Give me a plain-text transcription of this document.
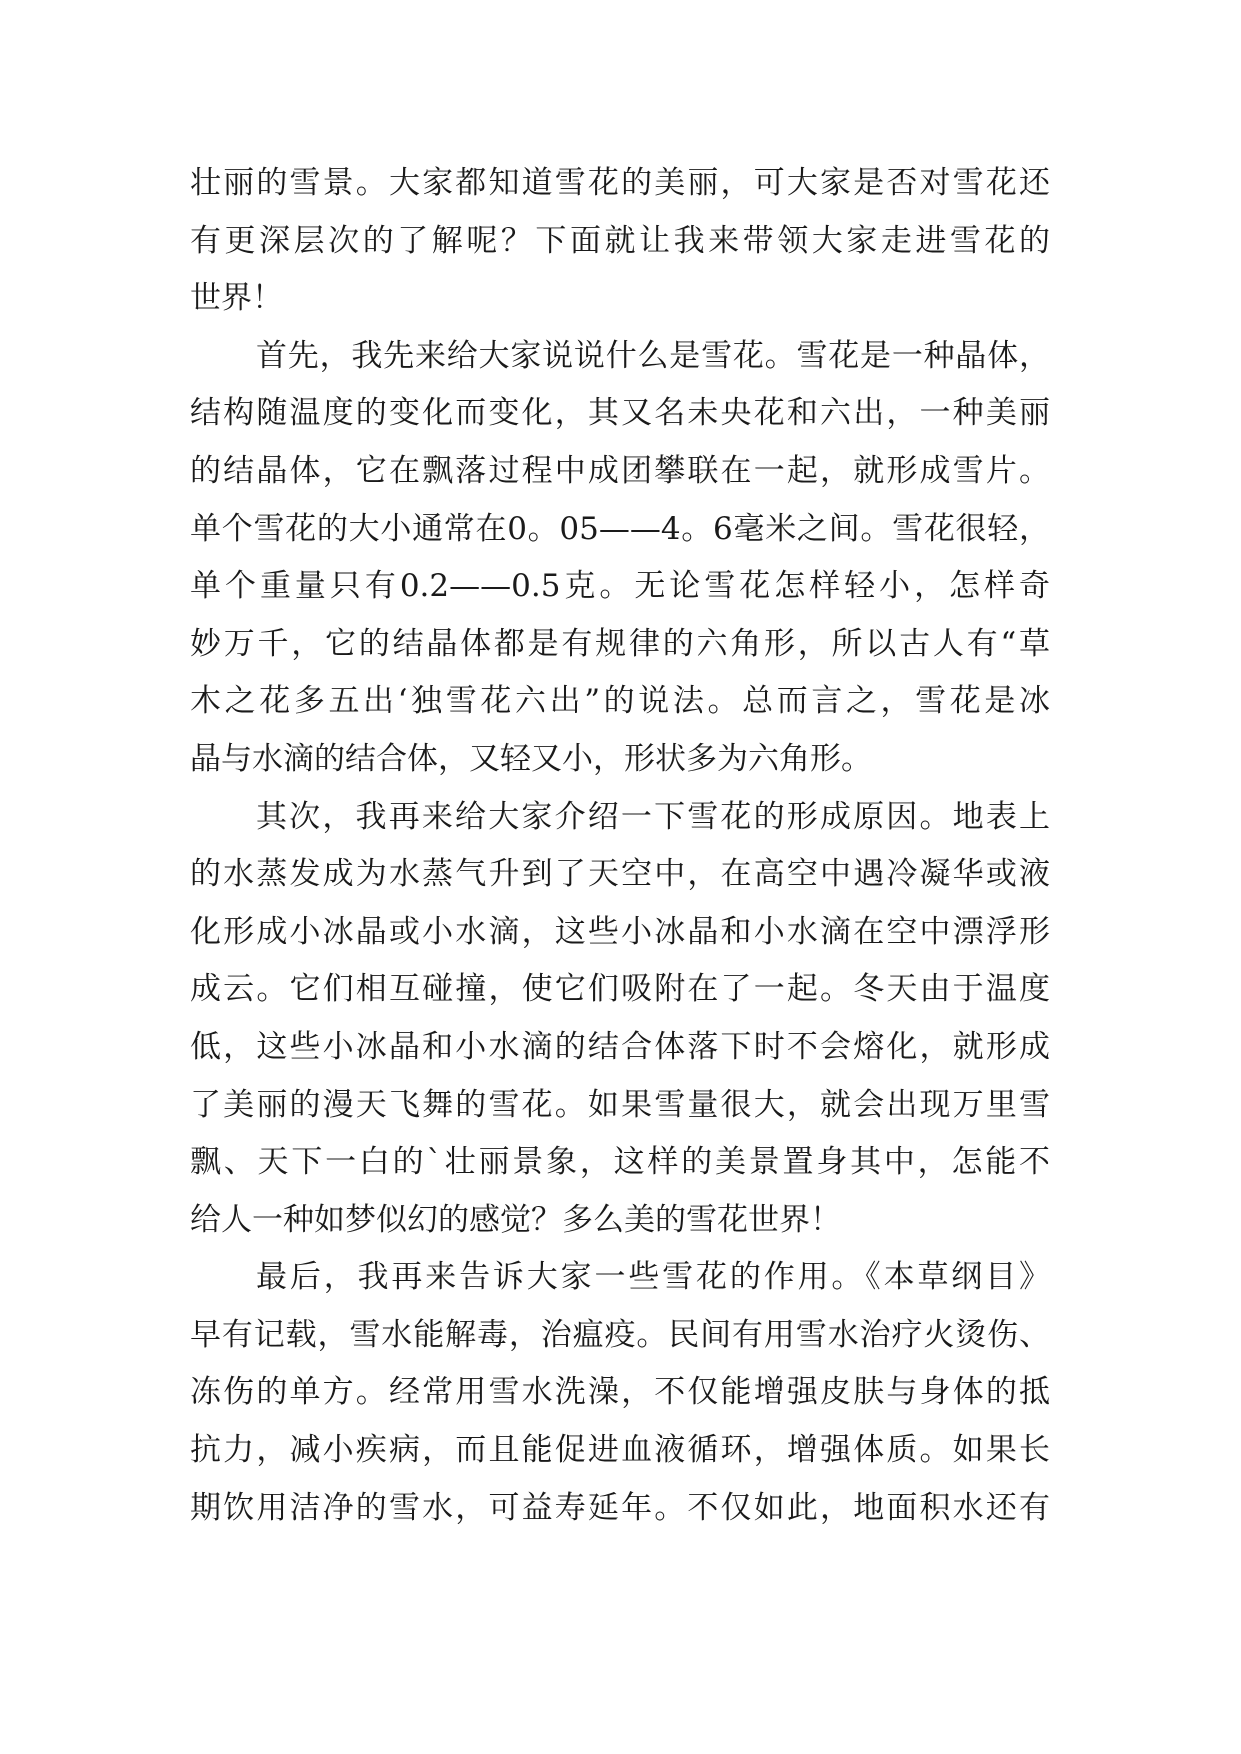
壮丽的雪景。大家都知道雪花的美丽，可大家是否对雪花还
有更深层次的了解呢？下面就让我来带领大家走进雪花的
世界！
首先，我先来给大家说说什么是雪花。雪花是一种晶体，
结构随温度的变化而变化，其又名未央花和六出，一种美丽
的结晶体，它在飘落过程中成团攀联在一起，就形成雪片。
单个雪花的大小通常在0。05——4。6毫米之间。雪花很轻，
单个重量只有0.2——0.5克。无论雪花怎样轻小，怎样奇
妙万千，它的结晶体都是有规律的六角形，所以古人有“草
木之花多五出‘独雪花六出”的说法。总而言之，雪花是冰
晶与水滴的结合体，又轻又小，形状多为六角形。
其次，我再来给大家介绍一下雪花的形成原因。地表上
的水蒸发成为水蒸气升到了天空中，在高空中遇冷凝华或液
化形成小冰晶或小水滴，这些小冰晶和小水滴在空中漂浮形
成云。它们相互碰撞，使它们吸附在了一起。冬天由于温度
低，这些小冰晶和小水滴的结合体落下时不会熔化，就形成
了美丽的漫天飞舞的雪花。如果雪量很大，就会出现万里雪
飘、天下一白的`壮丽景象，这样的美景置身其中，怎能不
给人一种如梦似幻的感觉？多么美的雪花世界！
最后，我再来告诉大家一些雪花的作用。《本草纲目》
早有记载，雪水能解毒，治瘟疫。民间有用雪水治疗火烫伤、
冻伤的单方。经常用雪水洗澡，不仅能增强皮肤与身体的抵
抗力，减小疾病，而且能促进血液循环，增强体质。如果长
期饮用洁净的雪水，可益寿延年。不仅如此，地面积水还有
